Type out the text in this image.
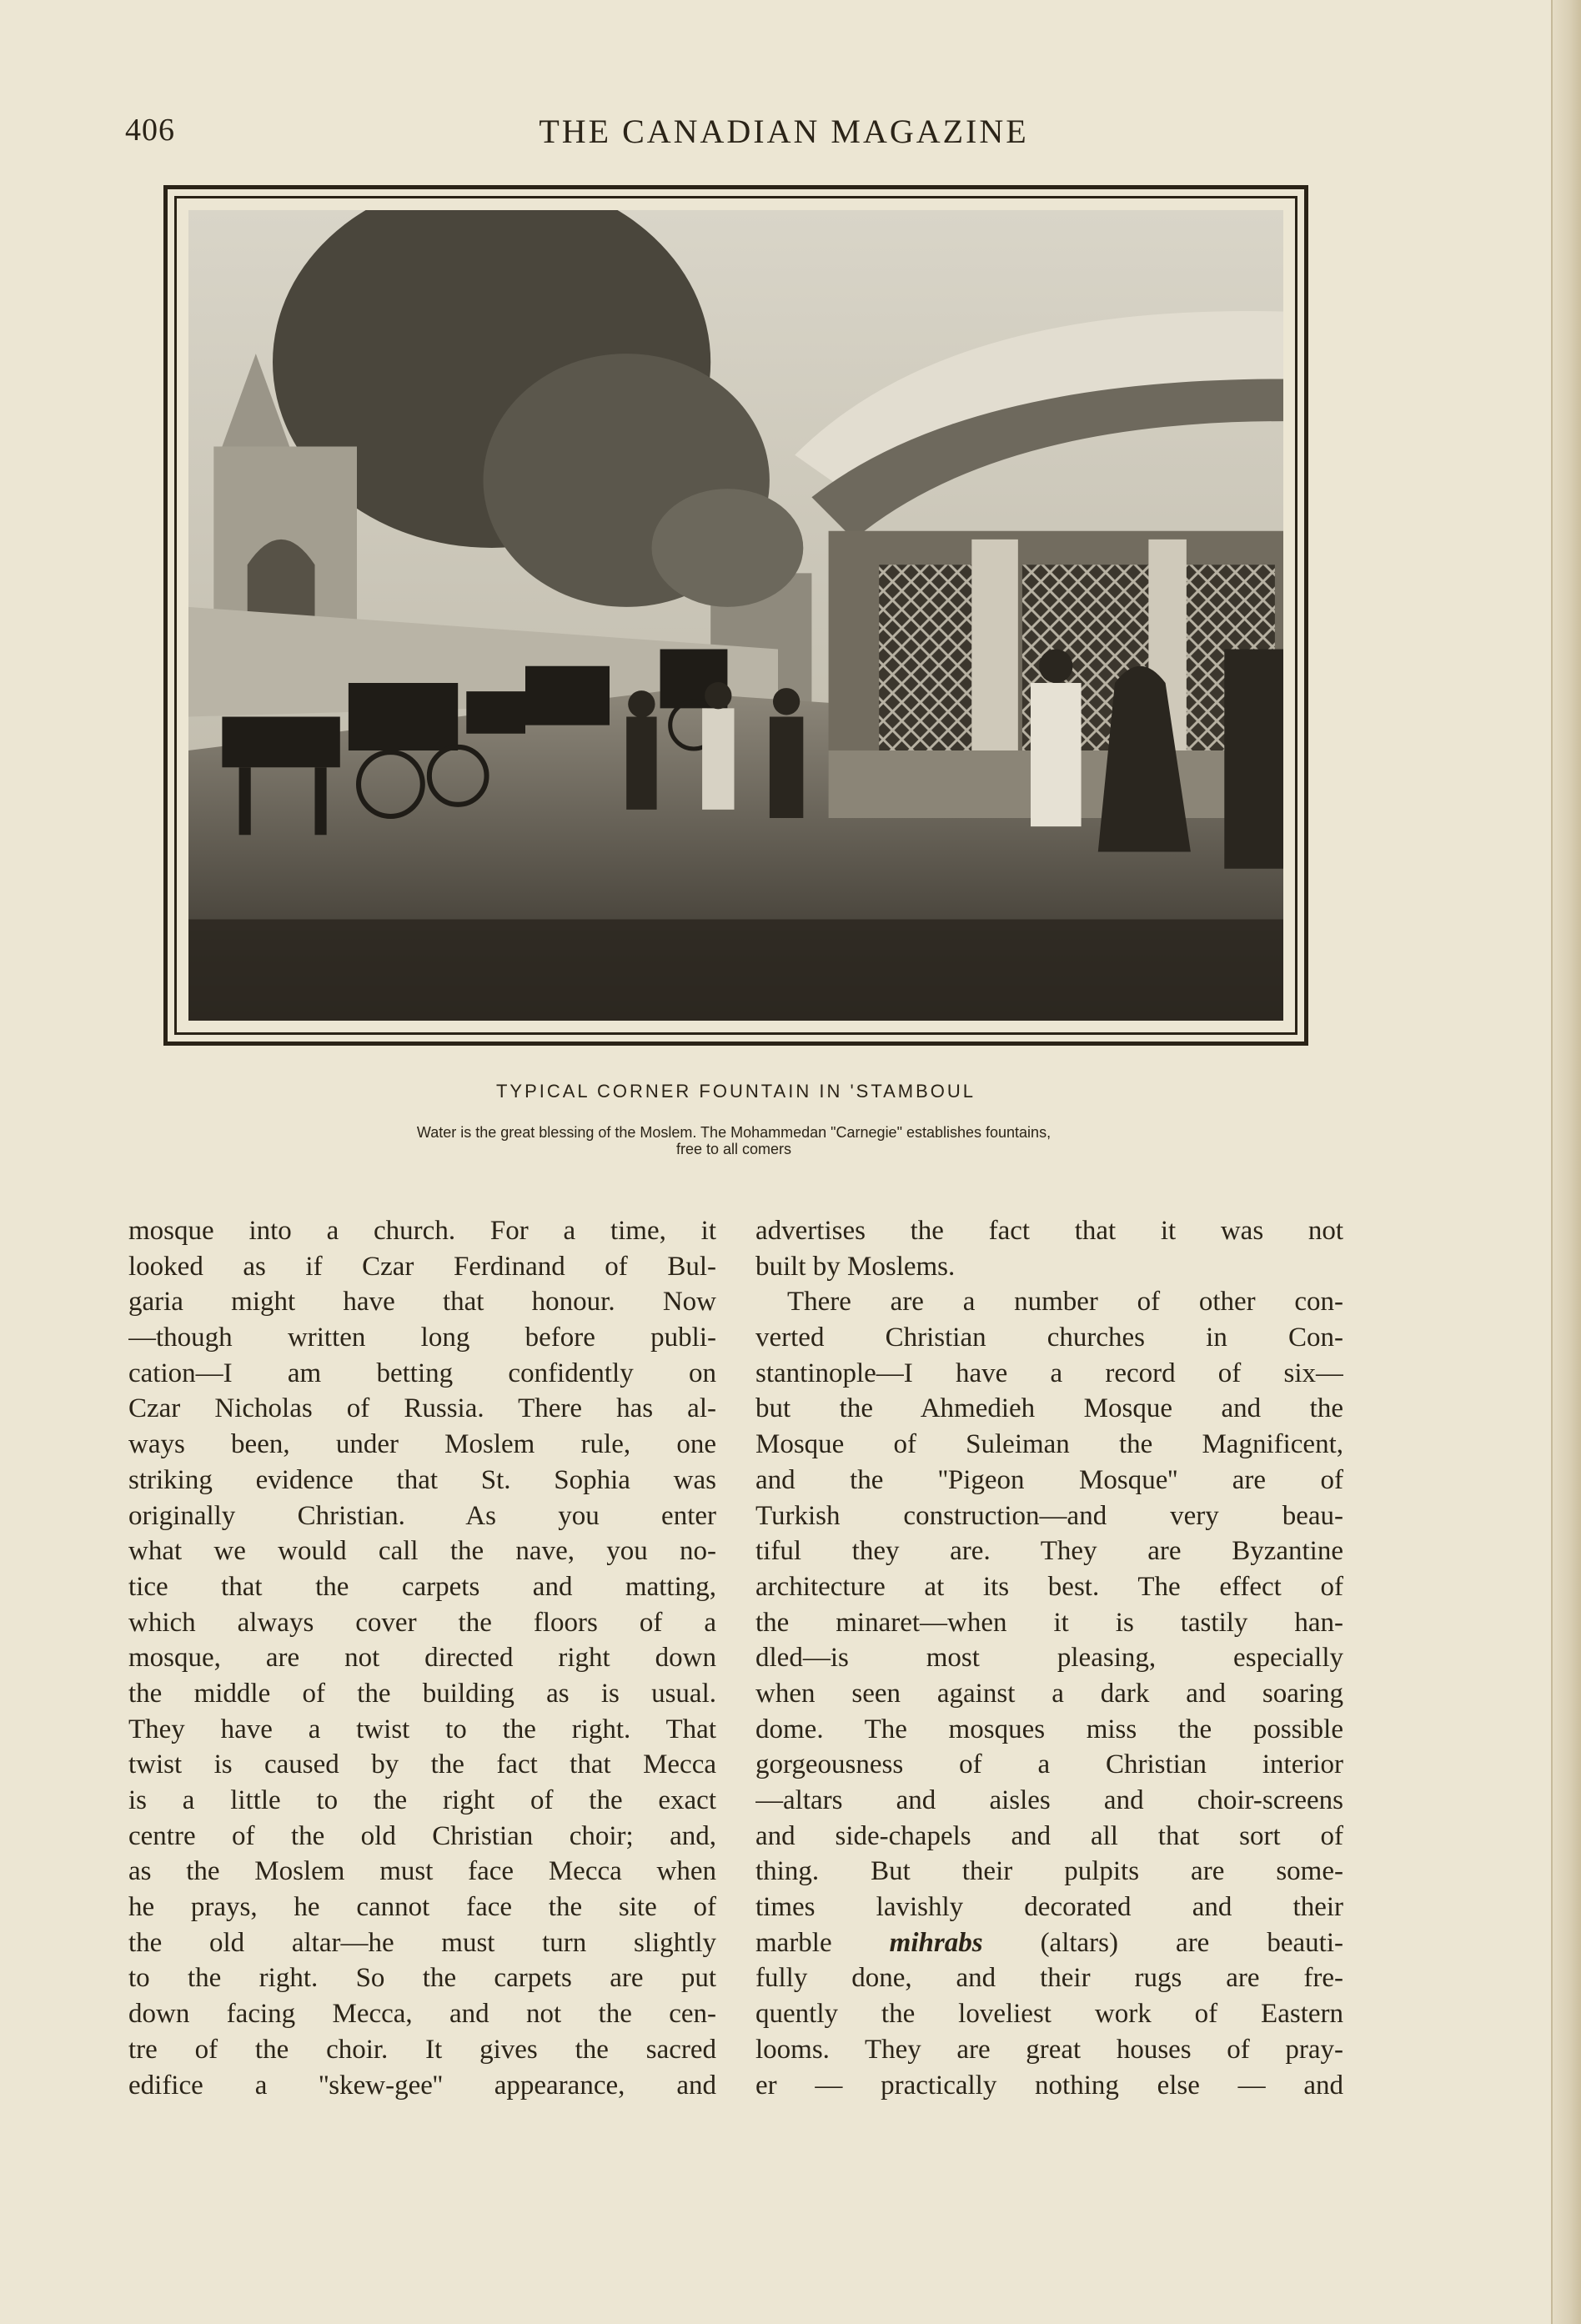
406	THE CANADIAN MAGAZINE
TYPICAL CORNER FOUNTAIN IN 'STAMBOUL
Water is the great blessing of the Moslem. The Mohammedan "Carnegie" establishes fountains,
free to all comers
mosque into a church. For a time, it
looked as if Czar Ferdinand of Bul-
garia might have that honour. Now
—though written long before publi-
cation—I am betting confidently on
Czar Nicholas of Russia. There has al-
ways been, under Moslem rule, one
striking evidence that St. Sophia was
originally Christian. As you enter
what we would call the nave, you no-
tice that the carpets and matting,
which always cover the floors of a
mosque, are not directed right down
the middle of the building as is usual.
They have a twist to the right. That
twist is caused by the fact that Mecca
is a little to the right of the exact
centre of the old Christian choir; and,
as the Moslem must face Mecca when
he prays, he cannot face the site of
the old altar—he must turn slightly
to the right. So the carpets are put
down facing Mecca, and not the cen-
tre of the choir. It gives the sacred
edifice a ''skew-gee'' appearance, and
advertises the fact that it was not
built by Moslems.
There are a number of other con-
verted Christian churches in Con-
stantinople—I have a record of six—
but the Ahmedieh Mosque and the
Mosque of Suleiman the Magnificent,
and the ''Pigeon Mosque'' are of
Turkish construction—and very beau-
tiful they are. They are Byzantine
architecture at its best. The effect of
the minaret—when it is tastily han-
dled—is most pleasing, especially
when seen against a dark and soaring
dome. The mosques miss the possible
gorgeousness of a Christian interior
—altars and aisles and choir-screens
and side-chapels and all that sort of
thing. But their pulpits are some-
times lavishly decorated and their
marble mihrabs (altars) are beauti-
fully done, and their rugs are fre-
quently the loveliest work of Eastern
looms. They are great houses of pray-
er — practically nothing else — and
